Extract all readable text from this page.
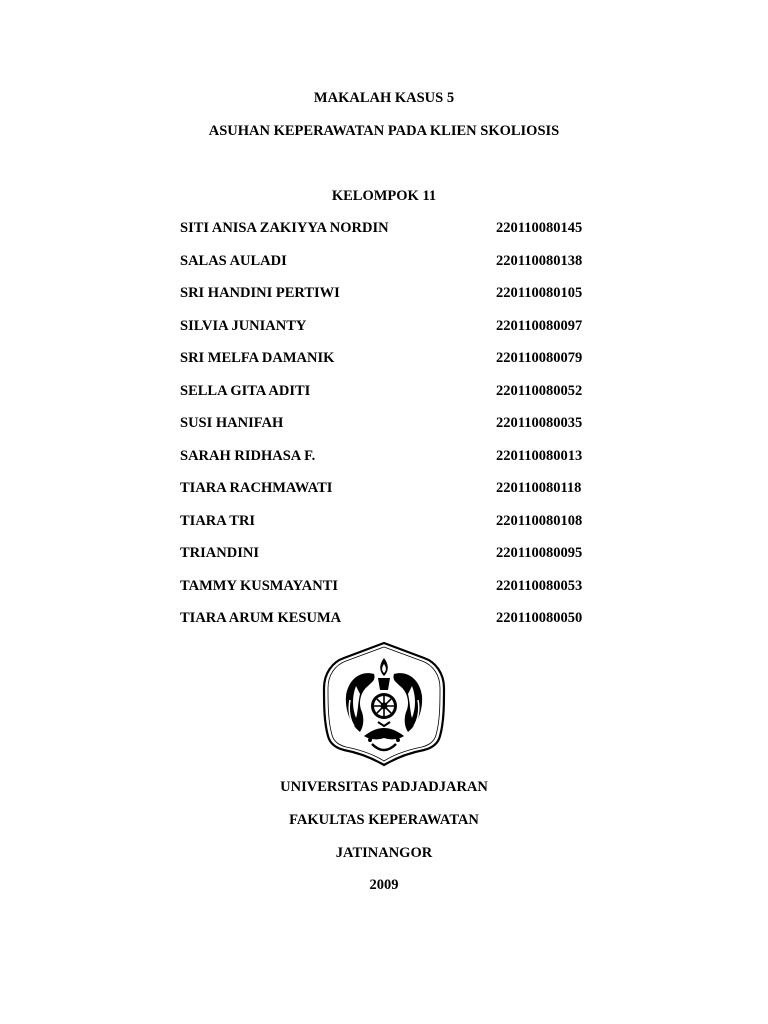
MAKALAH KASUS 5
ASUHAN KEPERAWATAN PADA KLIEN SKOLIOSIS
KELOMPOK 11
SITI ANISA ZAKIYYA NORDIN	220110080145
SALAS AULADI	220110080138
SRI HANDINI PERTIWI	220110080105
SILVIA JUNIANTY	220110080097
SRI MELFA DAMANIK	220110080079
SELLA GITA ADITI	220110080052
SUSI HANIFAH	220110080035
SARAH RIDHASA F.	220110080013
TIARA RACHMAWATI	220110080118
TIARA TRI	220110080108
TRIANDINI	220110080095
TAMMY KUSMAYANTI	220110080053
TIARA ARUM KESUMA	220110080050
UNIVERSITAS PADJADJARAN
FAKULTAS KEPERAWATAN
JATINANGOR
2009
